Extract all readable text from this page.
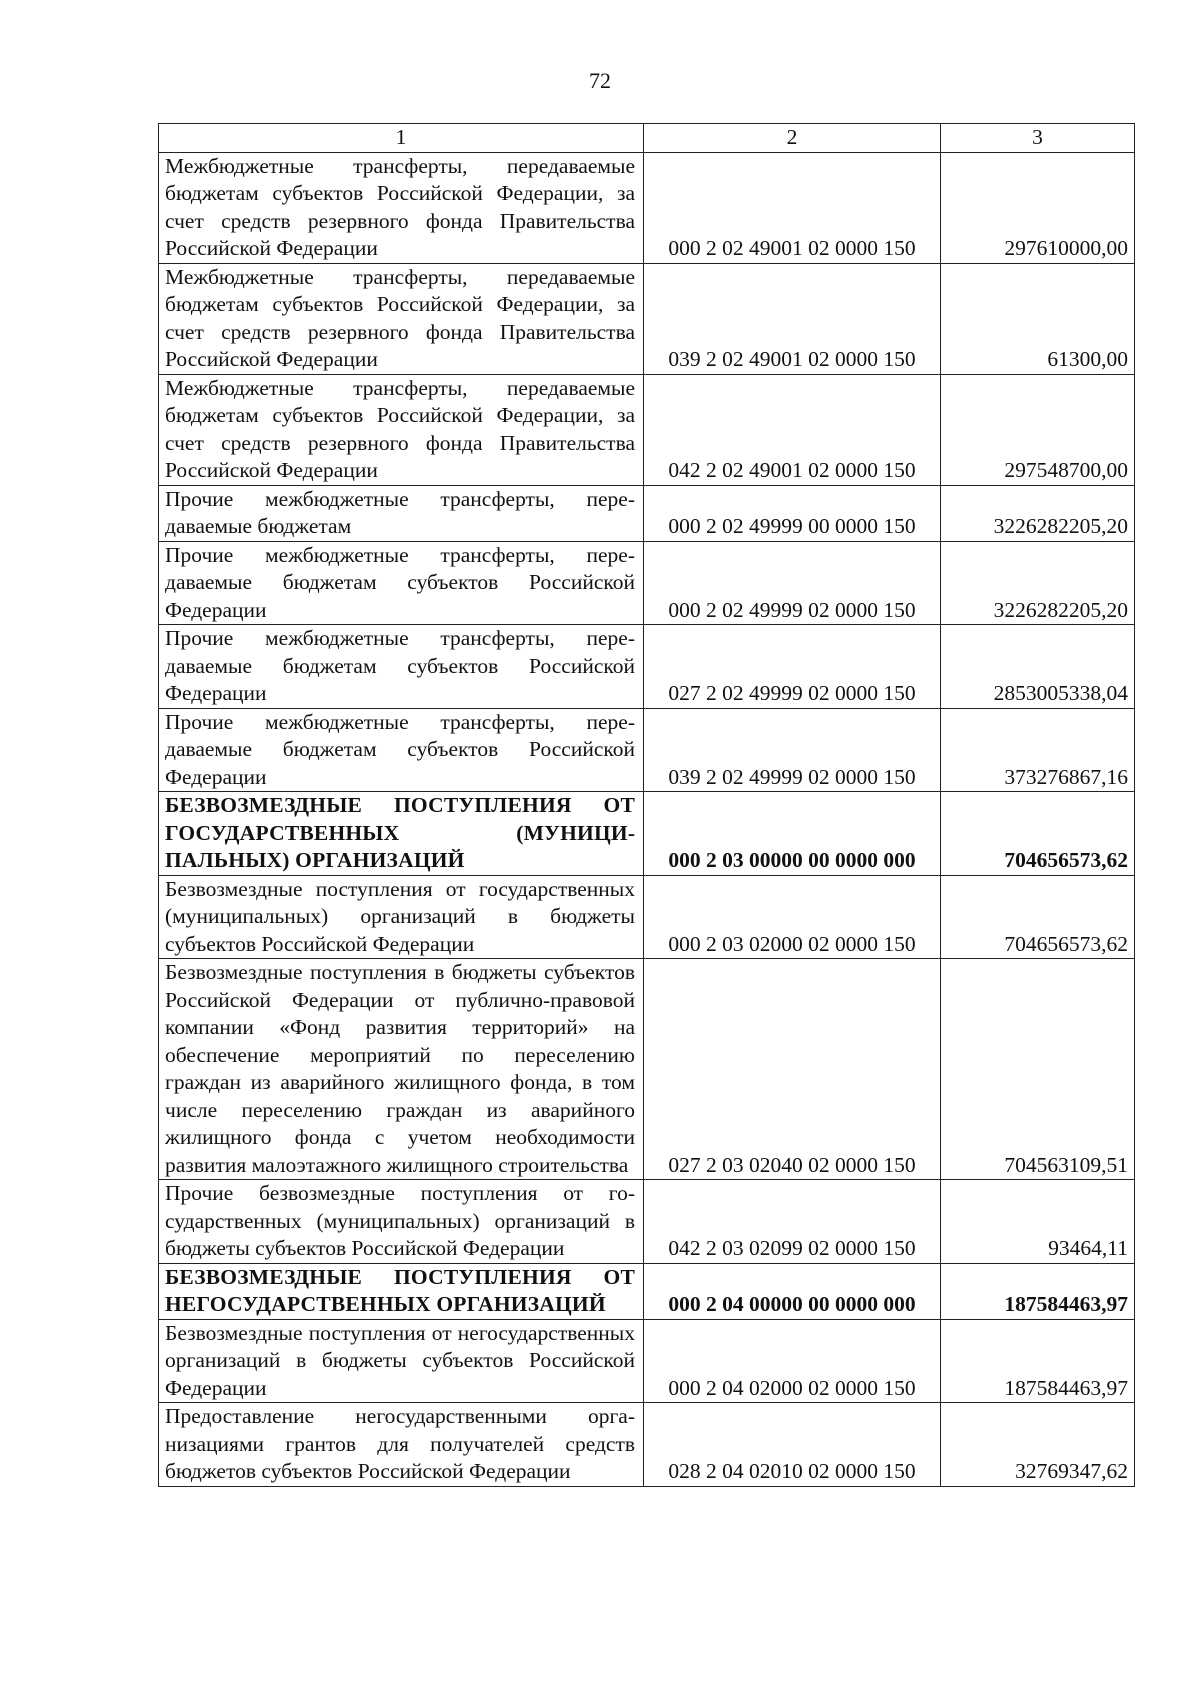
72
1	2	3
Межбюджетные трансферты, передаваемые бюджетам субъектов Российской Федерации, за счет средств резервного фонда Правительства Российской Федерации	000 2 02 49001 02 0000 150	297610000,00
Межбюджетные трансферты, передаваемые бюджетам субъектов Российской Федерации, за счет средств резервного фонда Правительства Российской Федерации	039 2 02 49001 02 0000 150	61300,00
Межбюджетные трансферты, передаваемые бюджетам субъектов Российской Федерации, за счет средств резервного фонда Правительства Российской Федерации	042 2 02 49001 02 0000 150	297548700,00
Прочие межбюджетные трансферты, передаваемые бюджетам	000 2 02 49999 00 0000 150	3226282205,20
Прочие межбюджетные трансферты, передаваемые бюджетам субъектов Российской Федерации	000 2 02 49999 02 0000 150	3226282205,20
Прочие межбюджетные трансферты, передаваемые бюджетам субъектов Российской Федерации	027 2 02 49999 02 0000 150	2853005338,04
Прочие межбюджетные трансферты, передаваемые бюджетам субъектов Российской Федерации	039 2 02 49999 02 0000 150	373276867,16
БЕЗВОЗМЕЗДНЫЕ ПОСТУПЛЕНИЯ ОТ ГОСУДАРСТВЕННЫХ (МУНИЦИПАЛЬНЫХ) ОРГАНИЗАЦИЙ	000 2 03 00000 00 0000 000	704656573,62
Безвозмездные поступления от государственных (муниципальных) организаций в бюджеты субъектов Российской Федерации	000 2 03 02000 02 0000 150	704656573,62
Безвозмездные поступления в бюджеты субъектов Российской Федерации от публично-правовой компании «Фонд развития территорий» на обеспечение мероприятий по переселению граждан из аварийного жилищного фонда, в том числе переселению граждан из аварийного жилищного фонда с учетом необходимости развития малоэтажного жилищного строительства	027 2 03 02040 02 0000 150	704563109,51
Прочие безвозмездные поступления от государственных (муниципальных) организаций в бюджеты субъектов Российской Федерации	042 2 03 02099 02 0000 150	93464,11
БЕЗВОЗМЕЗДНЫЕ ПОСТУПЛЕНИЯ ОТ НЕГОСУДАРСТВЕННЫХ ОРГАНИЗАЦИЙ	000 2 04 00000 00 0000 000	187584463,97
Безвозмездные поступления от негосударственных организаций в бюджеты субъектов Российской Федерации	000 2 04 02000 02 0000 150	187584463,97
Предоставление негосударственными организациями грантов для получателей средств бюджетов субъектов Российской Федерации	028 2 04 02010 02 0000 150	32769347,62
